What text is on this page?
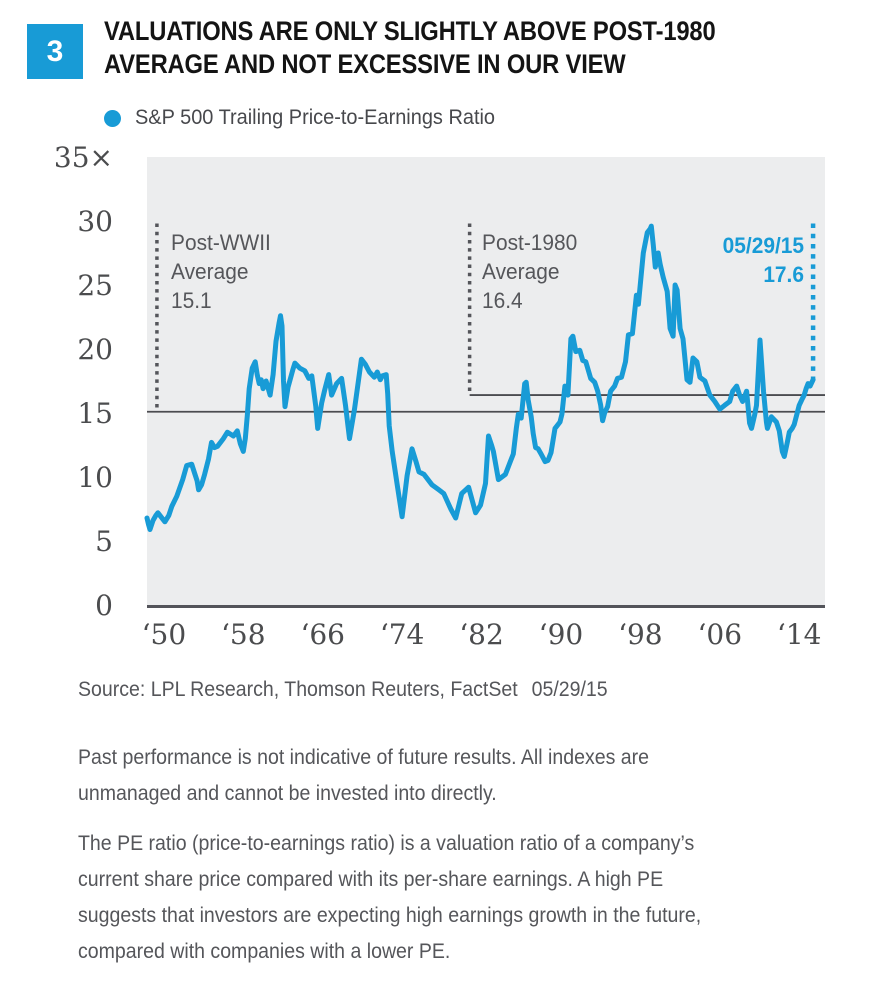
3
VALUATIONS ARE ONLY SLIGHTLY ABOVE POST-1980
AVERAGE AND NOT EXCESSIVE IN OUR VIEW
S&P 500 Trailing Price-to-Earnings Ratio
0
5
10
15
20
25
30
35×
‘50 ‘58 ‘66 ‘74 ‘82 ‘90 ‘98 ‘06 ‘14
Post-WWII
Average
15.1
Post-1980
Average
16.4
05/29/15
17.6
Source: LPL Research, Thomson Reuters, FactSet 05/29/15
Past performance is not indicative of future results. All indexes are
unmanaged and cannot be invested into directly.
The PE ratio (price-to-earnings ratio) is a valuation ratio of a company’s
current share price compared with its per-share earnings. A high PE
suggests that investors are expecting high earnings growth in the future,
compared with companies with a lower PE.
